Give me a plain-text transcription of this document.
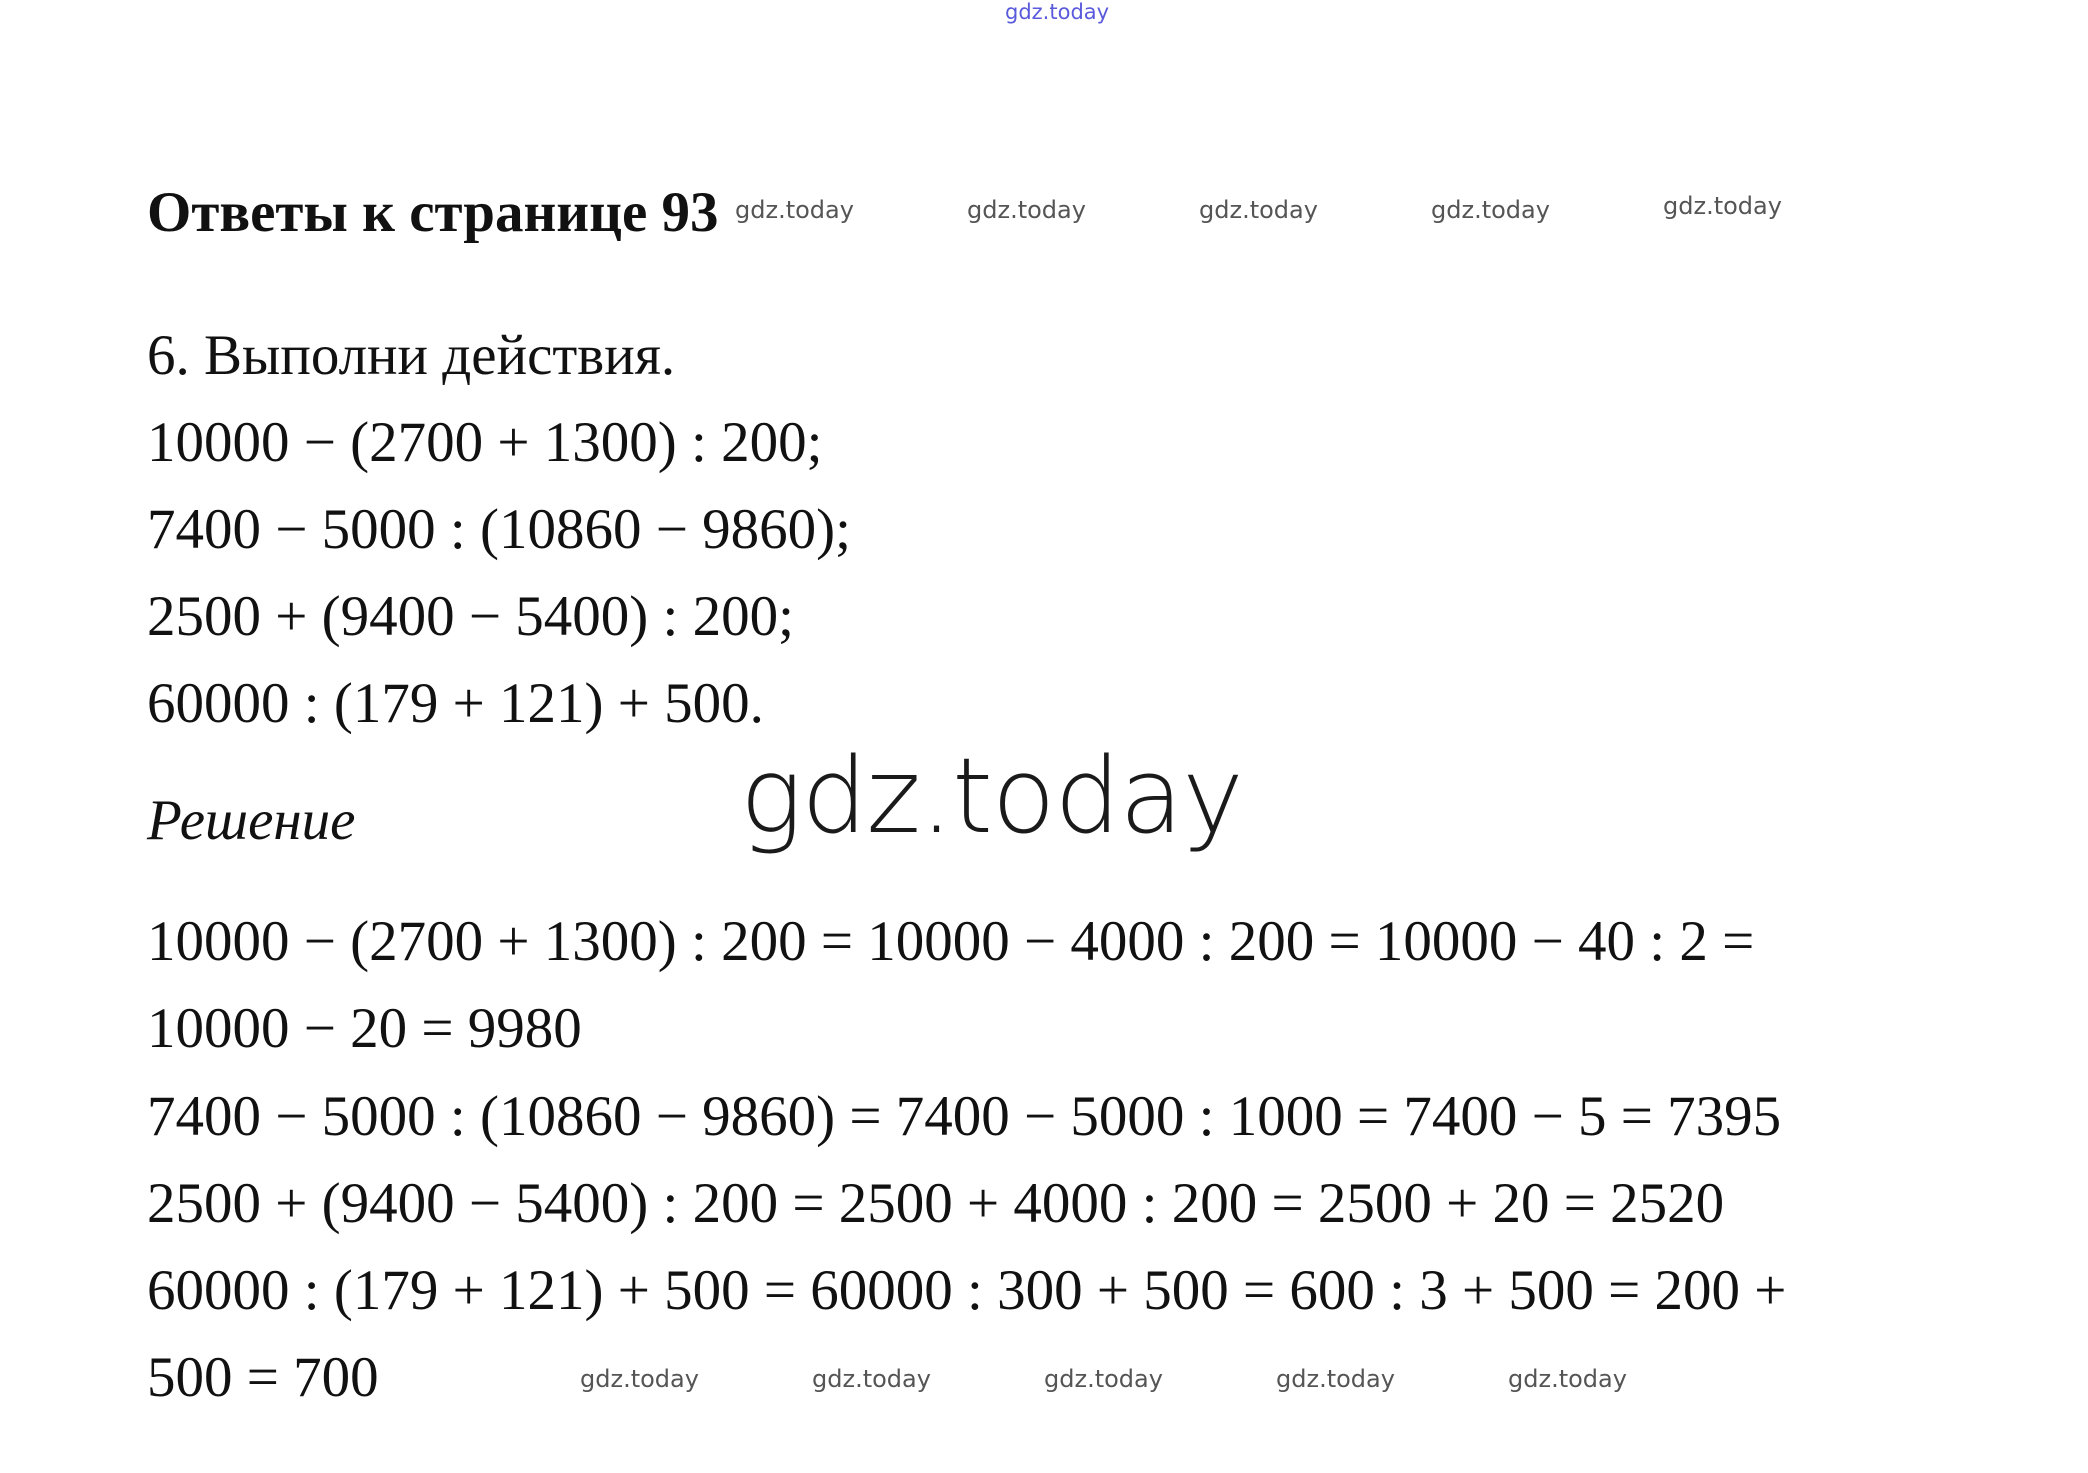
gdz.today
Ответы к странице 93 gdz.today	gdz.today	gdz.today	gdz.today	gdz.today
6. Выполни действия.
10000 − (2700 + 1300) : 200;
7400 − 5000 : (10860 − 9860);
2500 + (9400 − 5400) : 200;
60000 : (179 + 121) + 500.
Решение	gdz.today
10000 − (2700 + 1300) : 200 = 10000 − 4000 : 200 = 10000 − 40 : 2 =
10000 − 20 = 9980
7400 − 5000 : (10860 − 9860) = 7400 − 5000 : 1000 = 7400 − 5 = 7395
2500 + (9400 − 5400) : 200 = 2500 + 4000 : 200 = 2500 + 20 = 2520
60000 : (179 + 121) + 500 = 60000 : 300 + 500 = 600 : 3 + 500 = 200 +
500 = 700	gdz.today	gdz.today	gdz.today	gdz.today	gdz.today
